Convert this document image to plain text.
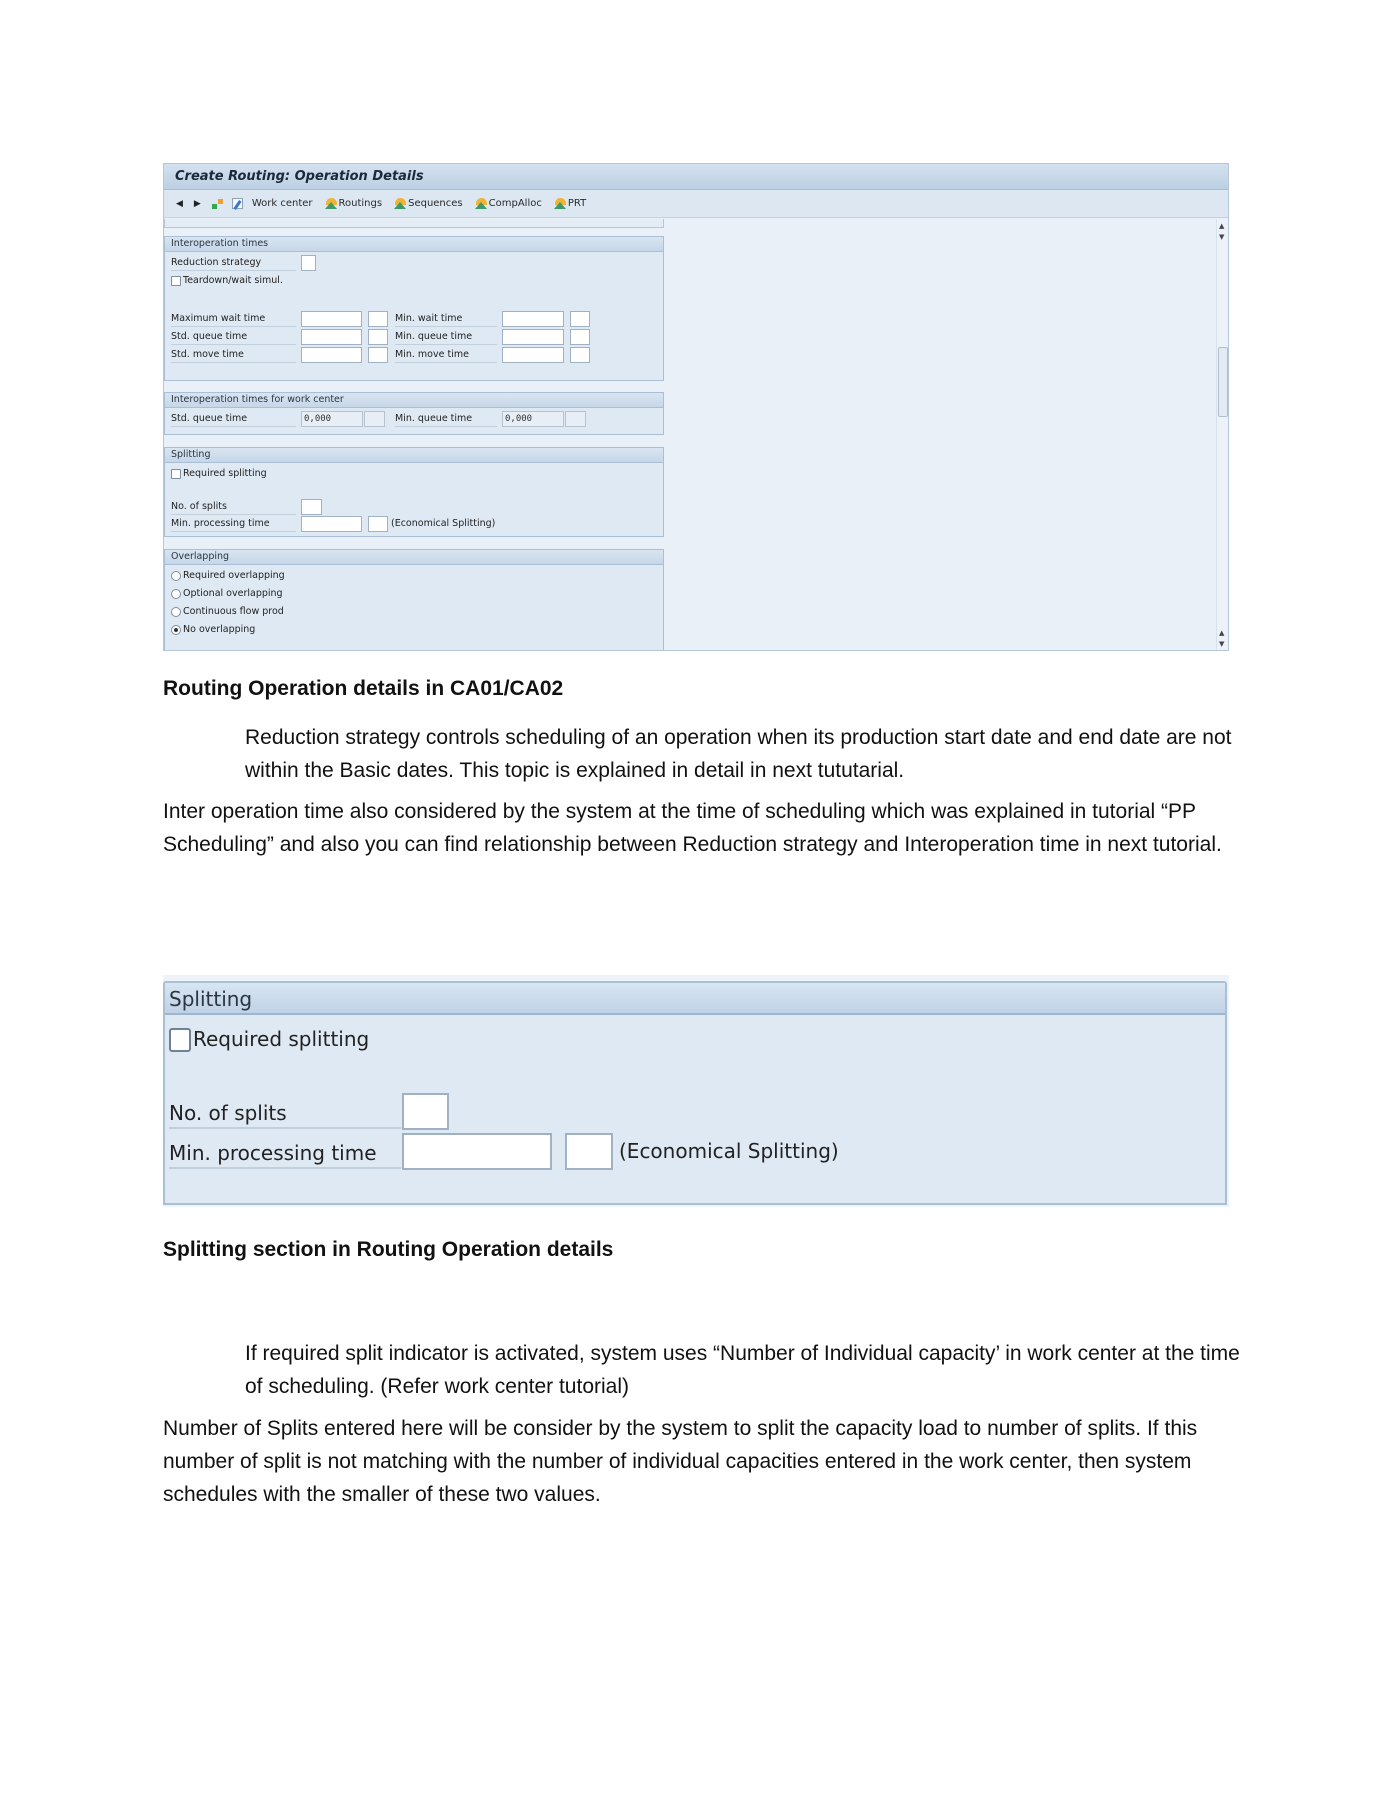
Create Routing: Operation Details
◀ ▶	Work center	Routings	Sequences	CompAlloc	PRT
Interoperation times
Reduction strategy
Teardown/wait simul.
Maximum wait time	Min. wait time
Std. queue time	Min. queue time
Std. move time	Min. move time
Interoperation times for work center
Std. queue time	0,000	Min. queue time	0,000
Splitting
Required splitting
No. of splits
Min. processing time	(Economical Splitting)
Overlapping
Required overlapping
Optional overlapping
Continuous flow prod
No overlapping
▲
▼
▲
▼
Routing Operation details in CA01/CA02
Reduction strategy controls scheduling of an operation when its production start date and end date are not within the Basic dates. This topic is explained in detail in next tututarial.
Inter operation time also considered by the system at the time of scheduling which was explained in tutorial “PP Scheduling” and also you can find relationship between Reduction strategy and Interoperation time in next tutorial.
Splitting
Required splitting
No. of splits
Min. processing time	(Economical Splitting)
Splitting section in Routing Operation details
If required split indicator is activated, system uses “Number of Individual capacity’ in work center at the time of scheduling. (Refer work center tutorial)
Number of Splits entered here will be consider by the system to split the capacity load to number of splits. If this number of split is not matching with the number of individual capacities entered in the work center, then system schedules with the smaller of these two values.
